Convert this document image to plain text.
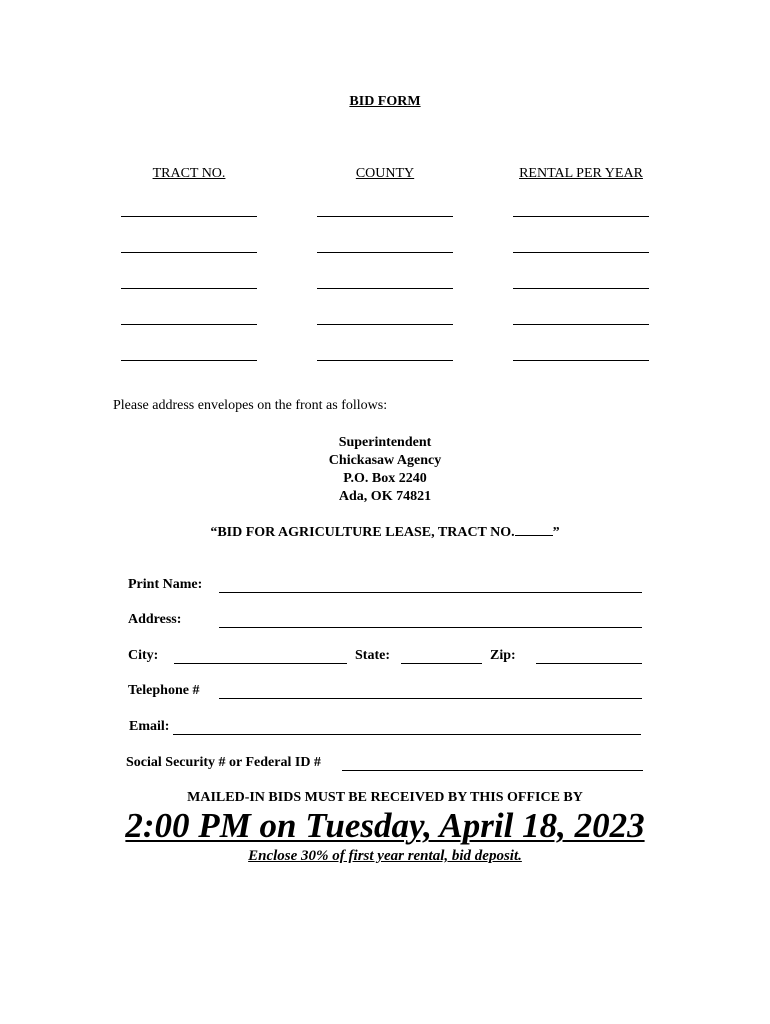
BID FORM
TRACT NO.	COUNTY	RENTAL PER YEAR
Please address envelopes on the front as follows:
Superintendent
Chickasaw Agency
P.O. Box 2240
Ada, OK 74821
“BID FOR AGRICULTURE LEASE, TRACT NO.	”
Print Name:
Address:
City:	State:	Zip:
Telephone #
Email:
Social Security # or Federal ID #
MAILED-IN BIDS MUST BE RECEIVED BY THIS OFFICE BY
2:00 PM on Tuesday, April 18, 2023
Enclose 30% of first year rental, bid deposit.
